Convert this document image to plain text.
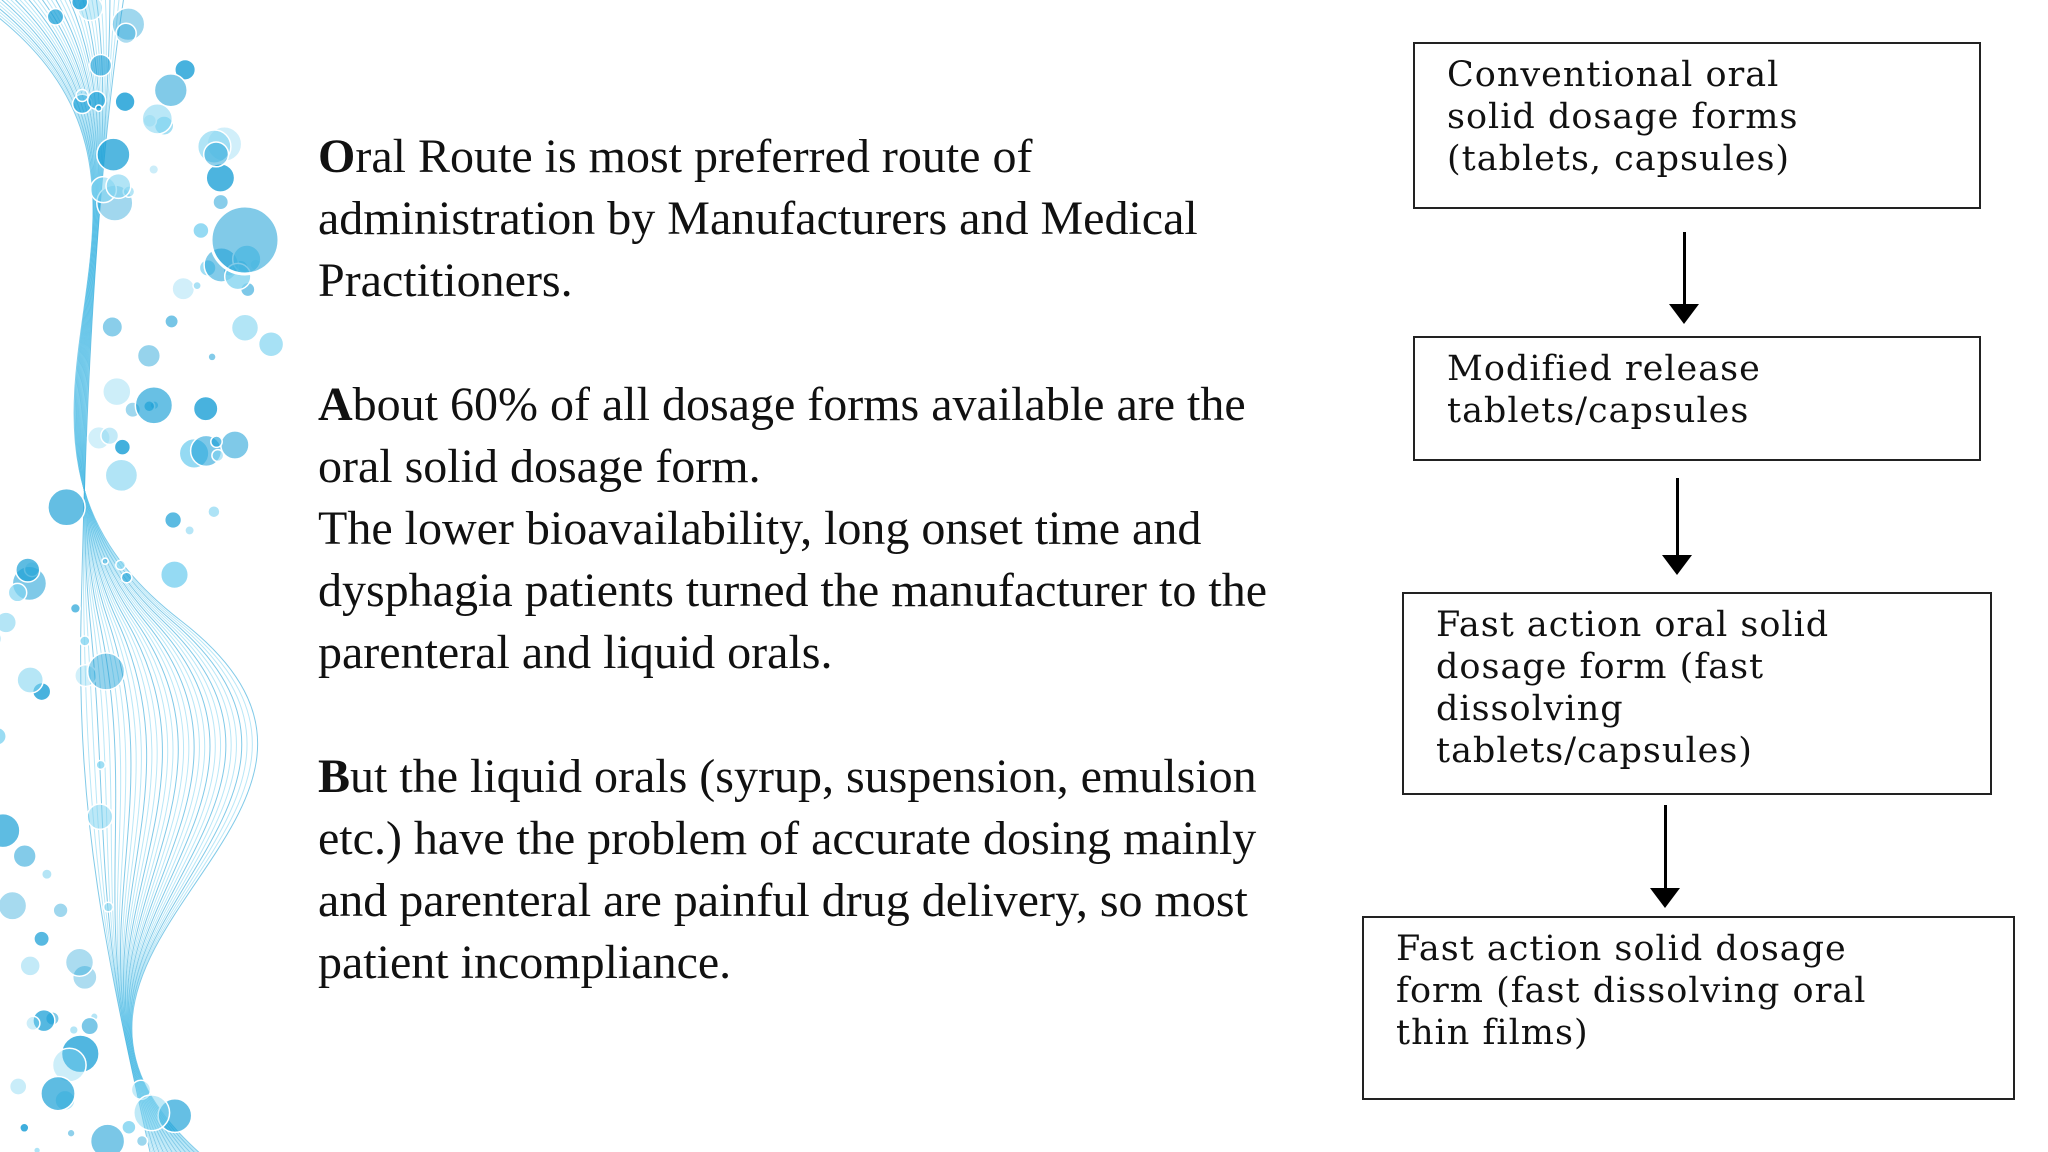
Oral Route is most preferred route of administration by Manufacturers and Medical Practitioners.

About 60% of all dosage forms available are the oral solid dosage form.

The lower bioavailability, long onset time and dysphagia patients turned the manufacturer to the parenteral and liquid orals.

But the liquid orals (syrup, suspension, emulsion etc.) have the problem of accurate dosing mainly and parenteral are painful drug delivery, so most patient incompliance.

Conventional oral
solid dosage forms
(tablets, capsules)
Modified release
tablets/capsules
Fast action oral solid
dosage form (fast
dissolving
tablets/capsules)
Fast action solid dosage
form (fast dissolving oral
thin films)
